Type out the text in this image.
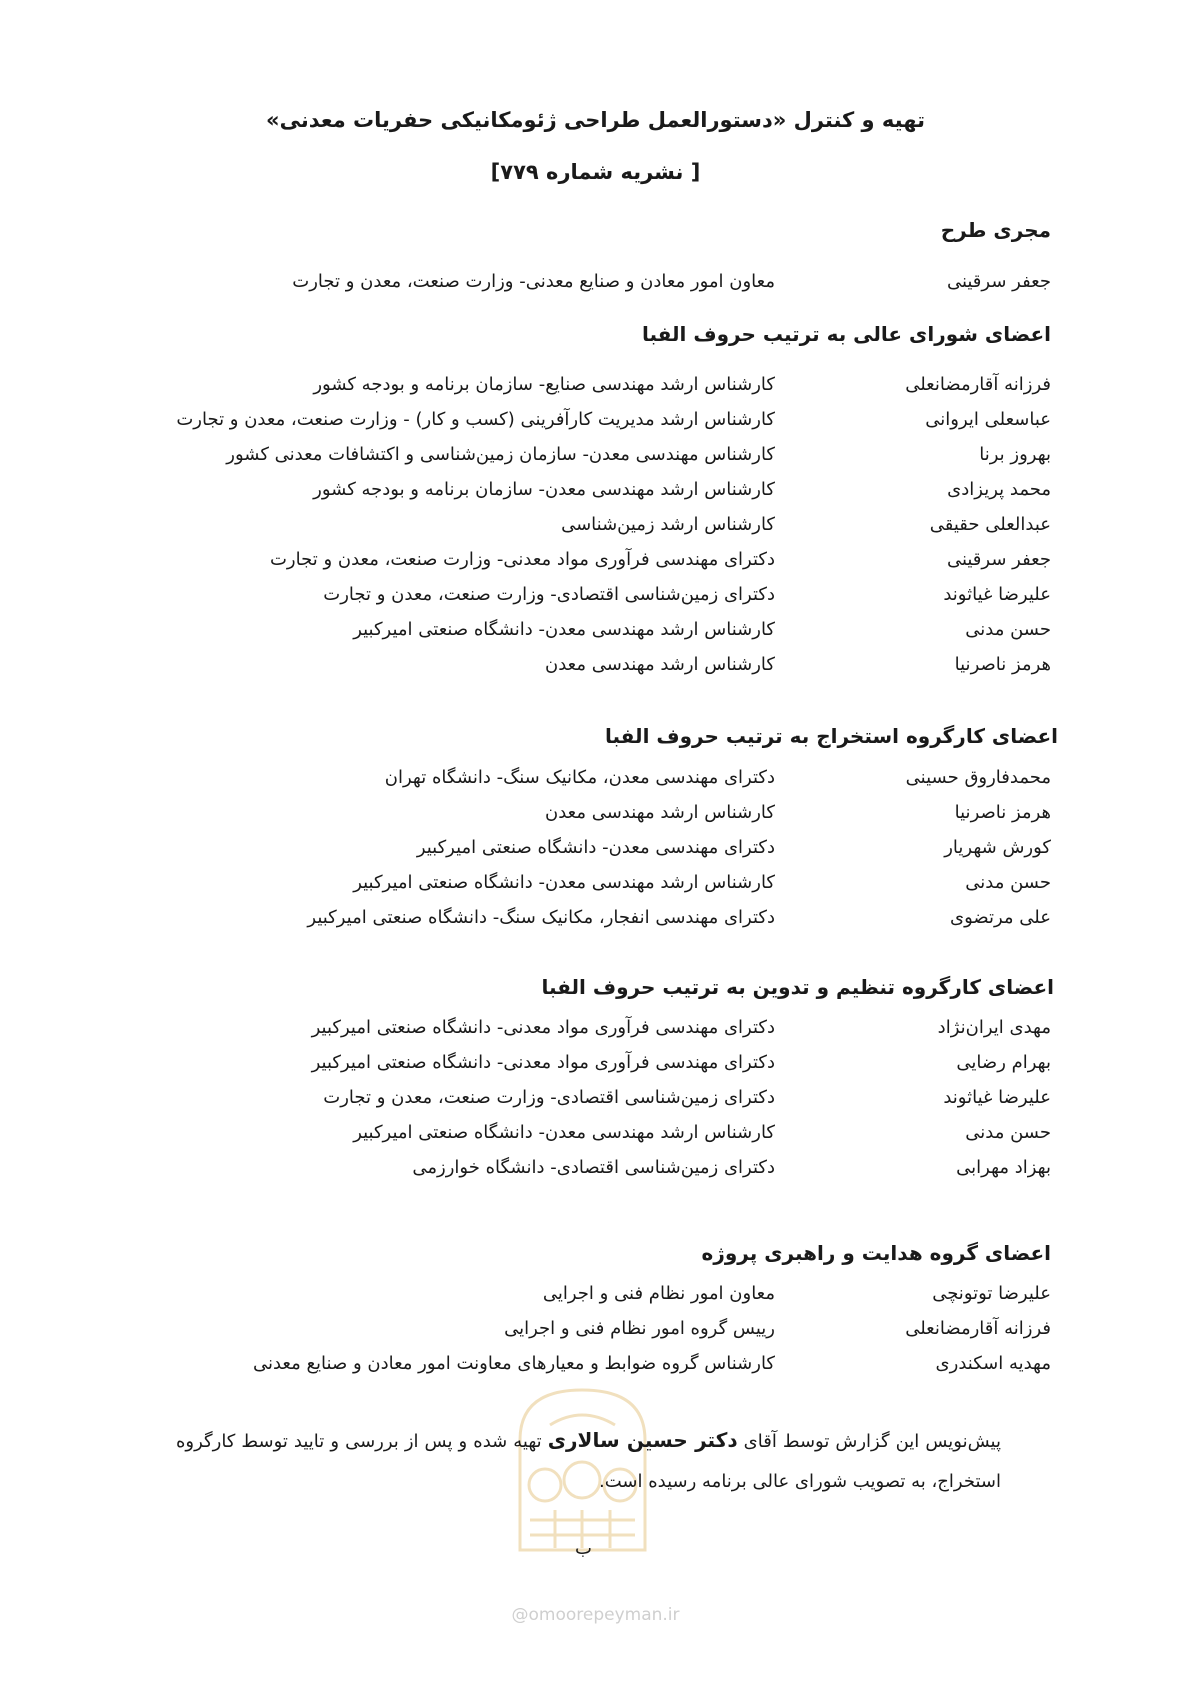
تهیه و کنترل «دستورالعمل طراحی ژئومکانیکی حفریات معدنی»
[ نشریه شماره ۷۷۹]
مجری طرح
جعفر سرقینی
معاون امور معادن و صنایع معدنی- وزارت صنعت، معدن و تجارت
اعضای شورای عالی به ترتیب حروف الفبا
فرزانه آقارمضانعلی
کارشناس ارشد مهندسی صنایع- سازمان برنامه و بودجه کشور
عباسعلی ایروانی
کارشناس ارشد مدیریت کارآفرینی (کسب و کار) - وزارت صنعت، معدن و تجارت
بهروز برنا
کارشناس مهندسی معدن- سازمان زمین‌شناسی و اکتشافات معدنی کشور
محمد پریزادی
کارشناس ارشد مهندسی معدن- سازمان برنامه و بودجه کشور
عبدالعلی حقیقی
کارشناس ارشد زمین‌شناسی
جعفر سرقینی
دکترای مهندسی فرآوری مواد معدنی- وزارت صنعت، معدن و تجارت
علیرضا غیاثوند
دکترای زمین‌شناسی اقتصادی- وزارت صنعت، معدن و تجارت
حسن مدنی
کارشناس ارشد مهندسی معدن- دانشگاه صنعتی امیرکبیر
هرمز ناصرنیا
کارشناس ارشد مهندسی معدن
اعضای کارگروه استخراج به ترتیب حروف الفبا
محمدفاروق حسینی
دکترای مهندسی معدن، مکانیک سنگ- دانشگاه تهران
هرمز ناصرنیا
کارشناس ارشد مهندسی معدن
کورش شهریار
دکترای مهندسی معدن- دانشگاه صنعتی امیرکبیر
حسن مدنی
کارشناس ارشد مهندسی معدن- دانشگاه صنعتی امیرکبیر
علی مرتضوی
دکترای مهندسی انفجار، مکانیک سنگ- دانشگاه صنعتی امیرکبیر
اعضای کارگروه تنظیم و تدوین به ترتیب حروف الفبا
مهدی ایران‌نژاد
دکترای مهندسی فرآوری مواد معدنی- دانشگاه صنعتی امیرکبیر
بهرام رضایی
دکترای مهندسی فرآوری مواد معدنی- دانشگاه صنعتی امیرکبیر
علیرضا غیاثوند
دکترای زمین‌شناسی اقتصادی- وزارت صنعت، معدن و تجارت
حسن مدنی
کارشناس ارشد مهندسی معدن- دانشگاه صنعتی امیرکبیر
بهزاد مهرابی
دکترای زمین‌شناسی اقتصادی- دانشگاه خوارزمی
اعضای گروه هدایت و راهبری پروژه
علیرضا توتونچی
معاون امور نظام فنی و اجرایی
فرزانه آقارمضانعلی
رییس گروه امور نظام فنی و اجرایی
مهدیه اسکندری
کارشناس گروه ضوابط و معیارهای معاونت امور معادن و صنایع معدنی
پیش‌نویس این گزارش توسط آقای دکتر حسین سالاری تهیه شده و پس از بررسی و تایید توسط کارگروه استخراج، به تصویب شورای عالی برنامه رسیده است.
ب
@omoorepeyman.ir
